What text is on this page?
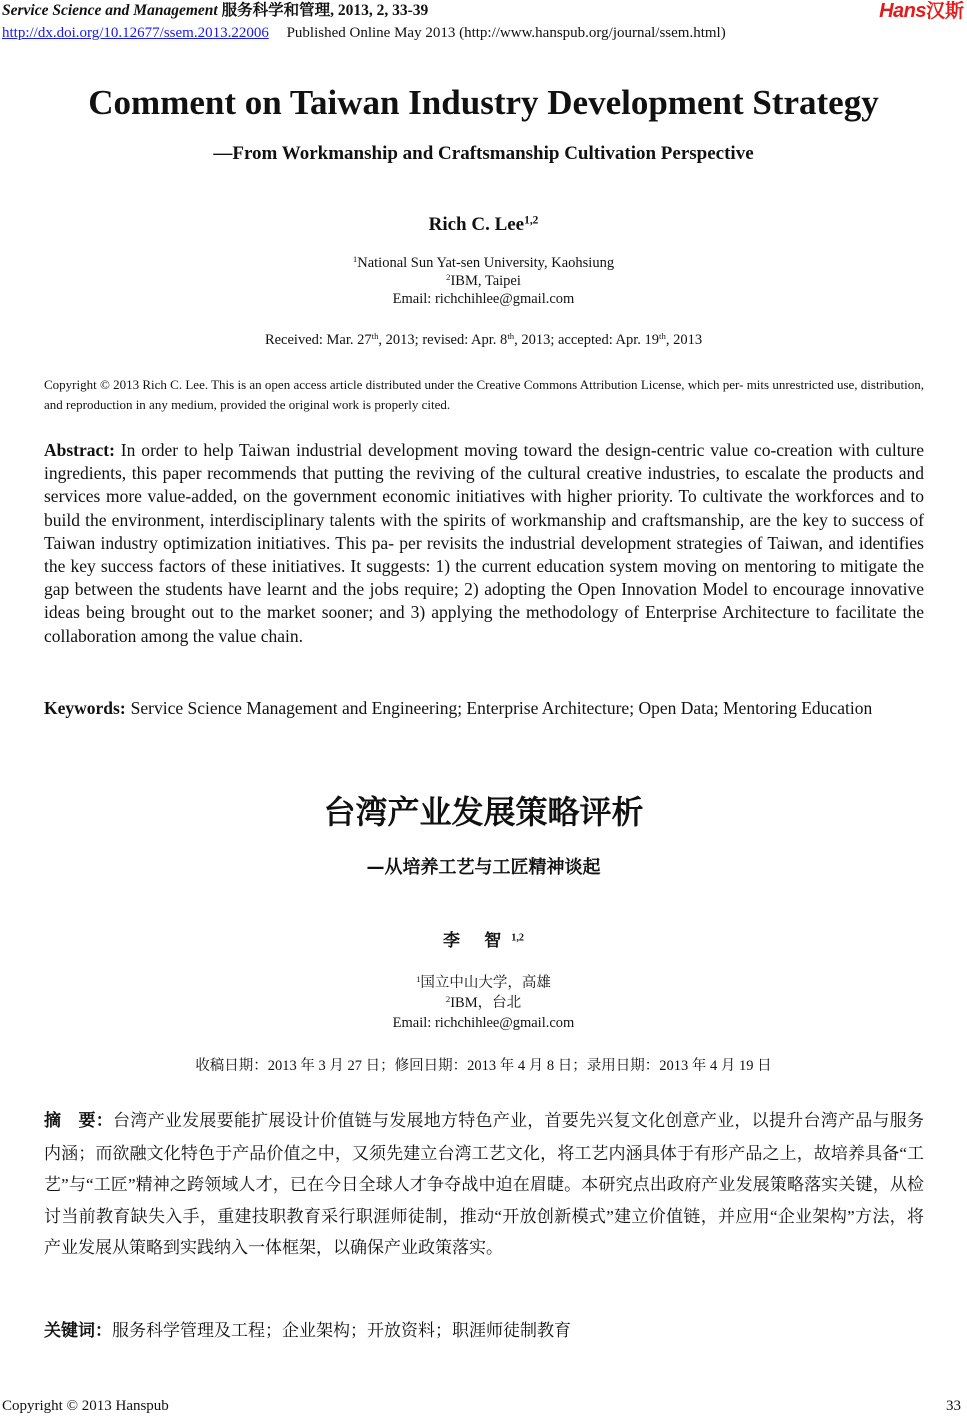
Service Science and Management 服务科学和管理, 2013, 2, 33-39	Hans汉斯
http://dx.doi.org/10.12677/ssem.2013.22006 Published Online May 2013 (http://www.hanspub.org/journal/ssem.html)
Comment on Taiwan Industry Development Strategy
—From Workmanship and Craftsmanship Cultivation Perspective
Rich C. Lee$^{1,2}$
$^1$National Sun Yat-sen University, Kaohsiung
$^2$IBM, Taipei
Email: richchihlee@gmail.com
Received: Mar. 27th, 2013; revised: Apr. 8th, 2013; accepted: Apr. 19th, 2013
Copyright © 2013 Rich C. Lee. This is an open access article distributed under the Creative Commons Attribution License, which per- mits unrestricted use, distribution, and reproduction in any medium, provided the original work is properly cited.
Abstract: In order to help Taiwan industrial development moving toward the design-centric value co-creation with culture ingredients, this paper recommends that putting the reviving of the cultural creative industries, to escalate the products and services more value-added, on the government economic initiatives with higher priority. To cultivate the workforces and to build the environment, interdisciplinary talents with the spirits of workmanship and craftsmanship, are the key to success of Taiwan industry optimization initiatives. This pa- per revisits the industrial development strategies of Taiwan, and identifies the key success factors of these initiatives. It suggests: 1) the current education system moving on mentoring to mitigate the gap between the students have learnt and the jobs require; 2) adopting the Open Innovation Model to encourage innovative ideas being brought out to the market sooner; and 3) applying the methodology of Enterprise Architecture to facilitate the collaboration among the value chain.
Keywords: Service Science Management and Engineering; Enterprise Architecture; Open Data; Mentoring Education
台湾产业发展策略评析
—从培养工艺与工匠精神谈起
李 智$^{1,2}$
$^1$国立中山大学，高雄
$^2$IBM，台北
Email: richchihlee@gmail.com
收稿日期：2013 年 3 月 27 日；修回日期：2013 年 4 月 8 日；录用日期：2013 年 4 月 19 日
摘　要：台湾产业发展要能扩展设计价值链与发展地方特色产业，首要先兴复文化创意产业，以提升台湾产品与服务内涵；而欲融文化特色于产品价值之中，又须先建立台湾工艺文化，将工艺内涵具体于有形产品之上，故培养具备“工艺”与“工匠”精神之跨领域人才，已在今日全球人才争夺战中迫在眉睫。本研究点出政府产业发展策略落实关键，从检讨当前教育缺失入手，重建技职教育采行职涯师徒制，推动“开放创新模式”建立价值链，并应用“企业架构”方法，将产业发展从策略到实践纳入一体框架，以确保产业政策落实。
关键词：服务科学管理及工程；企业架构；开放资料；职涯师徒制教育
Copyright © 2013 Hanspub	33
